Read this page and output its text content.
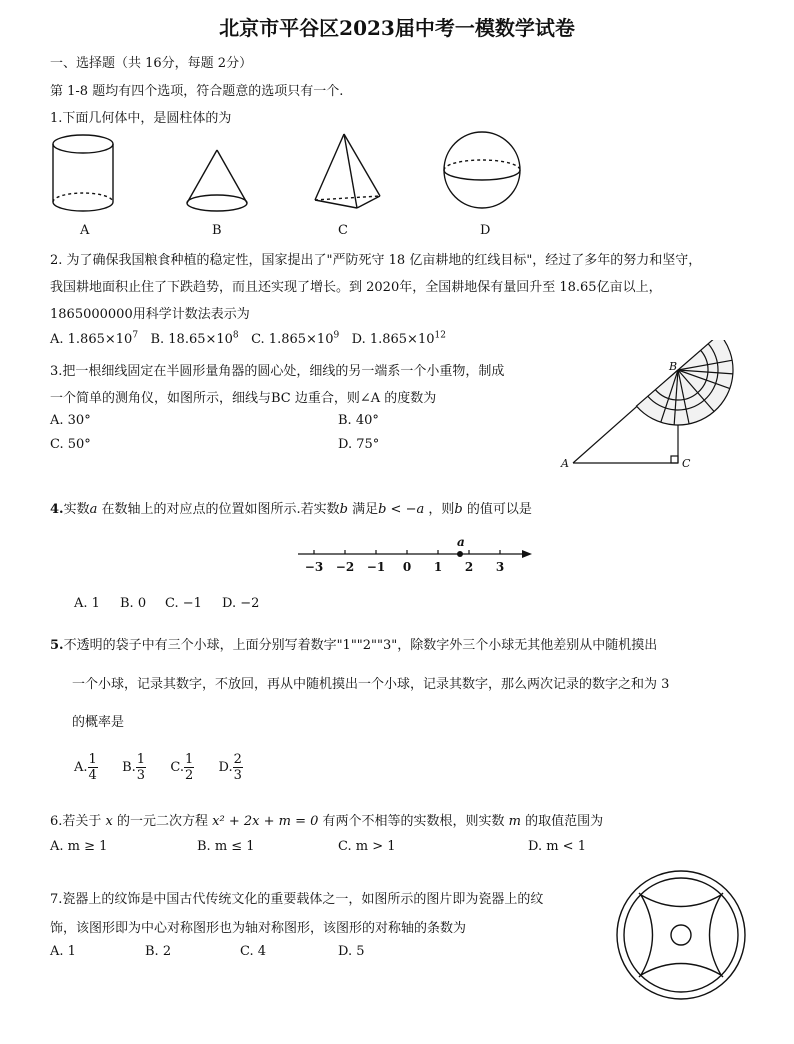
北京市平谷区2023届中考一模数学试卷
一、选择题（共 16分，每题 2分）
第 1-8 题均有四个选项，符合题意的选项只有一个.
1.下面几何体中，是圆柱体的为
A	B	C	D
2. 为了确保我国粮食种植的稳定性，国家提出了"严防死守 18 亿亩耕地的红线目标"，经过了多年的努力和坚守，
我国耕地面积止住了下跌趋势，而且还实现了增长。到 2020年，全国耕地保有量回升至 18.65亿亩以上，
1865000000用科学计数法表示为
A. $1.865\times 10^7$ B. $18.65\times 10^8$ C. $1.865\times 10^9$ D. $1.865\times 10^{12}$
3.把一根细线固定在半圆形量角器的圆心处，细线的另一端系一个小重物，制成
一个简单的测角仪，如图所示，细线与BC 边重合，则∠A 的度数为
A. 30°	B. 40°
C. 50°	D. 75°
A
B
C
4.实数a 在数轴上的对应点的位置如图所示.若实数b 满足b < −a ，则b 的值可以是
a
−3 −2 −1 0 1 2 3
A. 1 B. 0 C. −1 D. −2
5.不透明的袋子中有三个小球，上面分别写着数字"1""2""3"，除数字外三个小球无其他差别从中随机摸出
一个小球，记录其数字，不放回，再从中随机摸出一个小球，记录其数字，那么两次记录的数字之和为 3
的概率是
A. $\frac{1}{4} B$. $\frac{1}{3} C$. $\frac{1}{2} D$. $\frac{2}{3}$
6.若关于 x 的一元二次方程 x² + 2x + m = 0 有两个不相等的实数根，则实数 m 的取值范围为
A. m ≥ 1	B. m ≤ 1	C. m > 1	D. m < 1
7.瓷器上的纹饰是中国古代传统文化的重要载体之一，如图所示的图片即为瓷器上的纹
饰，该图形即为中心对称图形也为轴对称图形，该图形的对称轴的条数为
A. 1	B. 2	C. 4	D. 5
